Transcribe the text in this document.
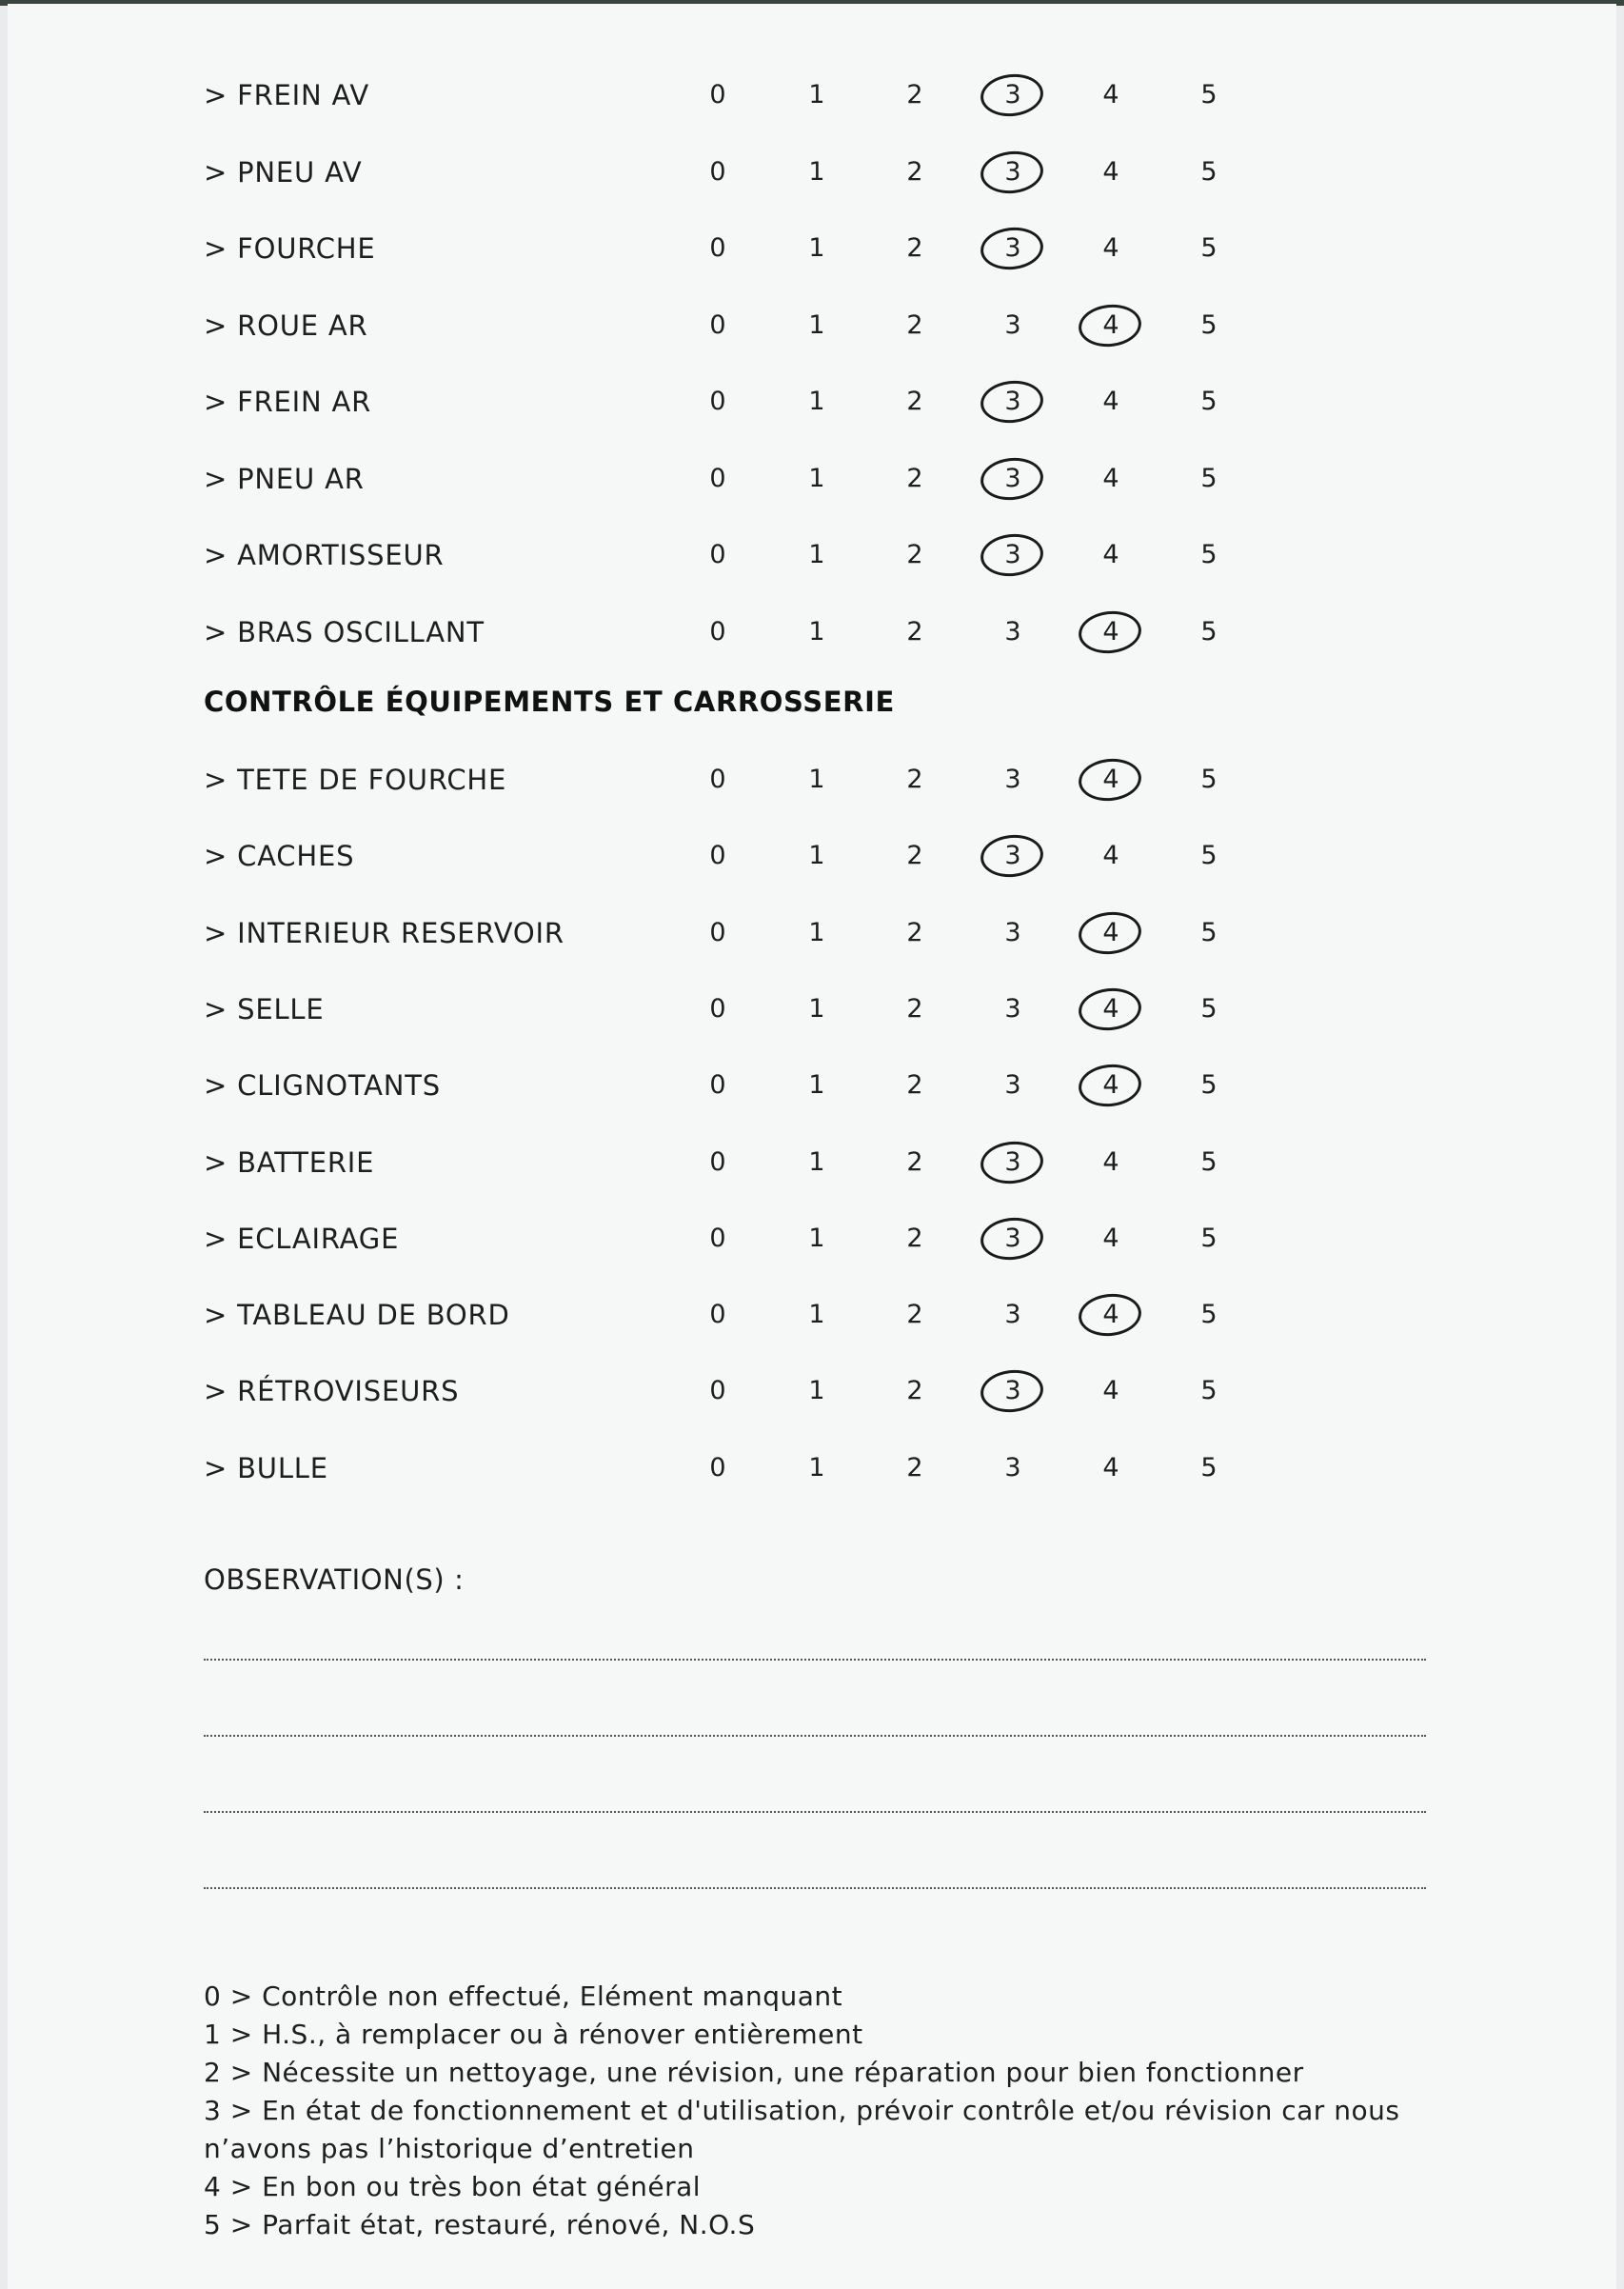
> FREIN AV	0	1	2	3	4	5
> PNEU AV	0	1	2	3	4	5
> FOURCHE	0	1	2	3	4	5
> ROUE AR	0	1	2	3	4	5
> FREIN AR	0	1	2	3	4	5
> PNEU AR	0	1	2	3	4	5
> AMORTISSEUR	0	1	2	3	4	5
> BRAS OSCILLANT	0	1	2	3	4	5
CONTRÔLE ÉQUIPEMENTS ET CARROSSERIE
> TETE DE FOURCHE	0	1	2	3	4	5
> CACHES	0	1	2	3	4	5
> INTERIEUR RESERVOIR	0	1	2	3	4	5
> SELLE	0	1	2	3	4	5
> CLIGNOTANTS	0	1	2	3	4	5
> BATTERIE	0	1	2	3	4	5
> ECLAIRAGE	0	1	2	3	4	5
> TABLEAU DE BORD	0	1	2	3	4	5
> RÉTROVISEURS	0	1	2	3	4	5
> BULLE	0	1	2	3	4	5
OBSERVATION(S) :
0 > Contrôle non effectué, Elément manquant
1 > H.S., à remplacer ou à rénover entièrement
2 > Nécessite un nettoyage, une révision, une réparation pour bien fonctionner
3 > En état de fonctionnement et d'utilisation, prévoir contrôle et/ou révision car nous
n’avons pas l’historique d’entretien
4 > En bon ou très bon état général
5 > Parfait état, restauré, rénové, N.O.S
